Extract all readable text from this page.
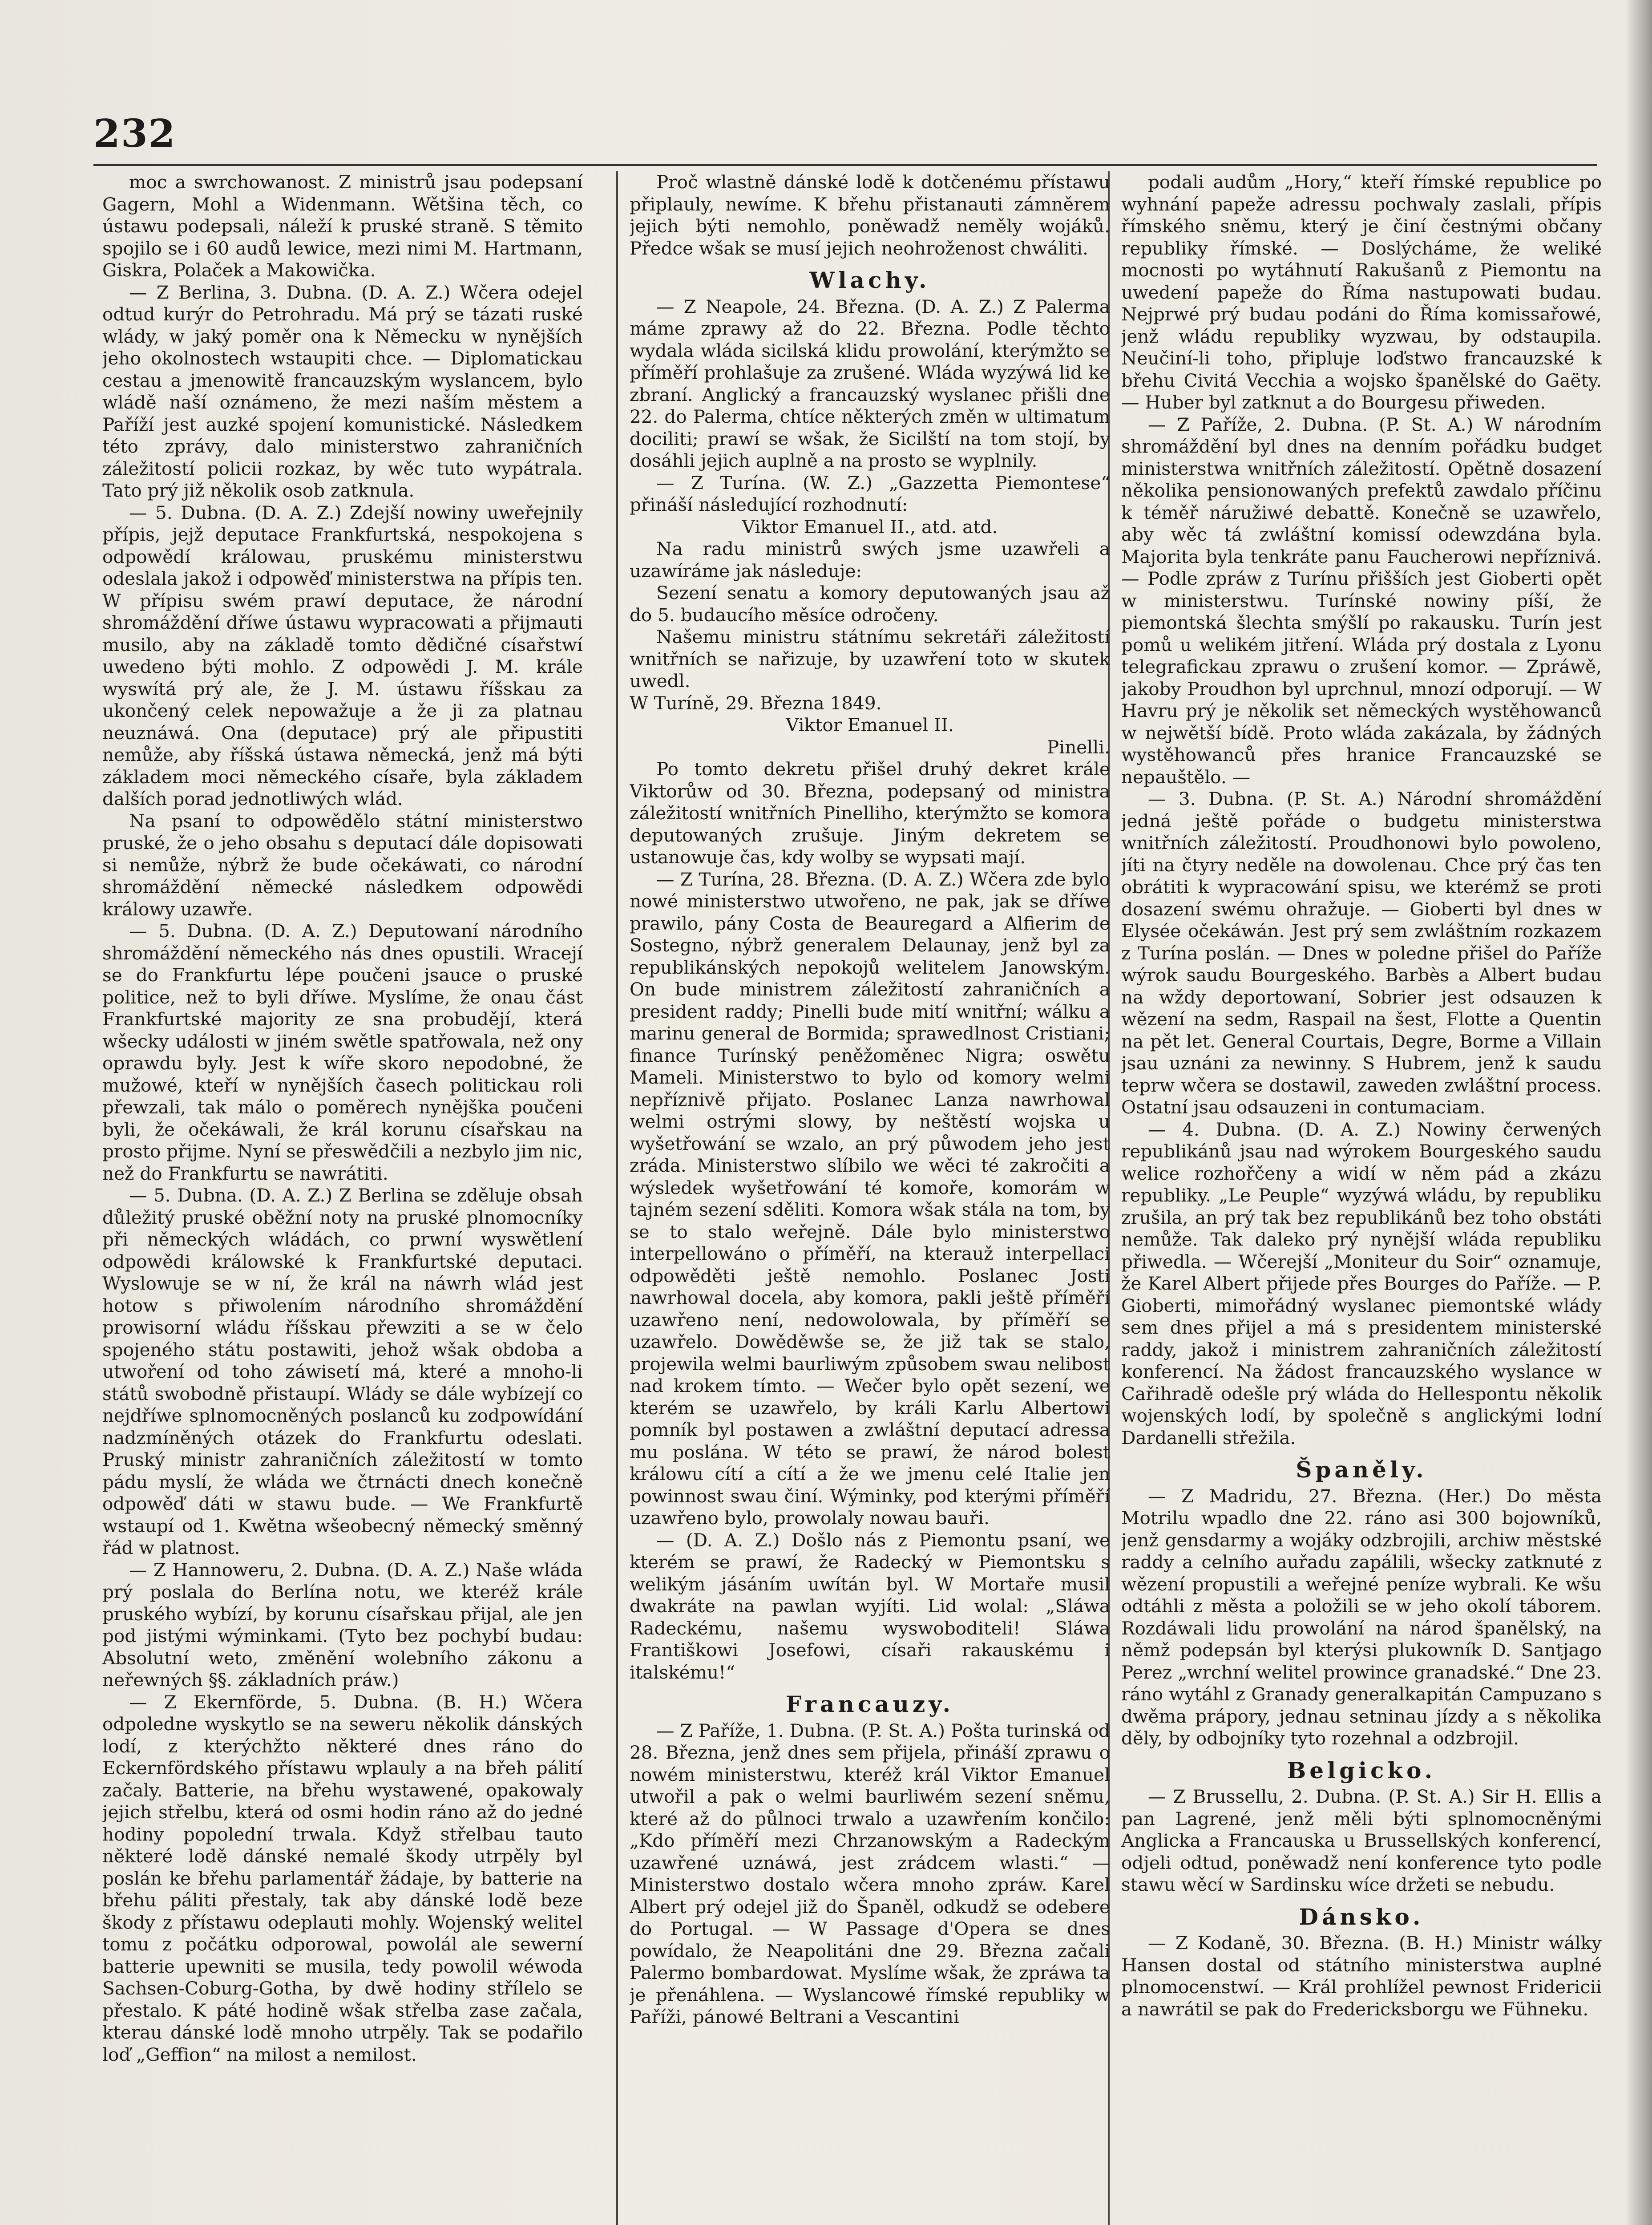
232

moc a swrchowanost. Z ministrů jsau podepsaní Gagern, Mohl a Widenmann. Wětšina těch, co ústawu podepsali, náleží k pruské straně. S těmito spojilo se i 60 audů lewice, mezi nimi M. Hartmann, Giskra, Polaček a Makowička.

— Z Berlina, 3. Dubna. (D. A. Z.) Wčera odejel odtud kurýr do Petrohradu. Má prý se tázati ruské wlády, w jaký poměr ona k Německu w nynějších jeho okolnostech wstaupiti chce. — Diplomatickau cestau a jmenowitě francauzským wyslancem, bylo wládě naší oznámeno, že mezi naším městem a Paříží jest auzké spojení komunistické. Následkem této zprávy, dalo ministerstwo zahraničních záležitostí policii rozkaz, by wěc tuto wypátrala. Tato prý již několik osob zatknula.

— 5. Dubna. (D. A. Z.) Zdejší nowiny uweřejnily přípis, jejž deputace Frankfurtská, nespokojena s odpowědí králowau, pruskému ministerstwu odeslala jakož i odpowěď ministerstwa na přípis ten. W přípisu swém prawí deputace, že národní shromáždění dříwe ústawu wypracowati a přijmauti musilo, aby na základě tomto dědičné císařstwí uwedeno býti mohlo. Z odpowědi J. M. krále wyswítá prý ale, že J. M. ústawu říšskau za ukončený celek nepowažuje a že ji za platnau neuznáwá. Ona (deputace) prý ale připustiti nemůže, aby říšská ústawa německá, jenž má býti základem moci německého císaře, byla základem dalších porad jednotliwých wlád.

Na psaní to odpowědělo státní ministerstwo pruské, že o jeho obsahu s deputací dále dopisowati si nemůže, nýbrž že bude očekáwati, co národní shromáždění německé následkem odpowědi králowy uzawře.

— 5. Dubna. (D. A. Z.) Deputowaní národního shromáždění německého nás dnes opustili. Wracejí se do Frankfurtu lépe poučeni jsauce o pruské politice, než to byli dříwe. Myslíme, že onau část Frankfurtské majority ze sna probudějí, která wšecky události w jiném swětle spatřowala, než ony oprawdu byly. Jest k wíře skoro nepodobné, že mužowé, kteří w nynějších časech politickau roli přewzali, tak málo o poměrech nynějška poučeni byli, že očekáwali, že král korunu císařskau na prosto přijme. Nyní se přeswědčili a nezbylo jim nic, než do Frankfurtu se nawrátiti.

— 5. Dubna. (D. A. Z.) Z Berlina se zděluje obsah důležitý pruské oběžní noty na pruské plnomocníky při německých wládách, co prwní wyswětlení odpowědi králowské k Frankfurtské deputaci. Wyslowuje se w ní, že král na náwrh wlád jest hotow s přiwolením národního shromáždění prowisorní wládu říšskau přewziti a se w čelo spojeného státu postawiti, jehož wšak obdoba a utwoření od toho záwisetí má, které a mnoho-li států swobodně přistaupí. Wlády se dále wybízejí co nejdříwe splnomocněných poslanců ku zodpowídání nadzmíněných otázek do Frankfurtu odeslati. Pruský ministr zahraničních záležitostí w tomto pádu myslí, že wláda we čtrnácti dnech konečně odpowěď dáti w stawu bude. — We Frankfurtě wstaupí od 1. Kwětna wšeobecný německý směnný řád w platnost.

— Z Hannoweru, 2. Dubna. (D. A. Z.) Naše wláda prý poslala do Berlína notu, we kteréž krále pruského wybízí, by korunu císařskau přijal, ale jen pod jistými wýminkami. (Tyto bez pochybí budau: Absolutní weto, změnění wolebního zákonu a neřewných §§. základních práw.)

— Z Ekernförde, 5. Dubna. (B. H.) Wčera odpoledne wyskytlo se na seweru několik dánských lodí, z kterýchžto některé dnes ráno do Eckernfördského přístawu wplauly a na břeh pálití začaly. Batterie, na břehu wystawené, opakowaly jejich střelbu, která od osmi hodin ráno až do jedné hodiny popolední trwala. Když střelbau tauto některé lodě dánské nemalé škody utrpěly byl poslán ke břehu parlamentář žádaje, by batterie na břehu páliti přestaly, tak aby dánské lodě beze škody z přístawu odeplauti mohly. Wojenský welitel tomu z počátku odporowal, powolál ale sewerní batterie upewniti se musila, tedy powolil wéwoda Sachsen-Coburg-Gotha, by dwě hodiny střílelo se přestalo. K páté hodině wšak střelba zase začala, kterau dánské lodě mnoho utrpěly. Tak se podařilo loď „Geffion“ na milost a nemilost.

Proč wlastně dánské lodě k dotčenému přístawu připlauly, newíme. K břehu přistanauti zámněrem jejich býti nemohlo, poněwadž neměly wojáků. Předce wšak se musí jejich neohroženost chwáliti.

Wlachy.

— Z Neapole, 24. Března. (D. A. Z.) Z Palerma máme zprawy až do 22. Března. Podle těchto wydala wláda sicilská klidu prowolání, kterýmžto se příměří prohlašuje za zrušené. Wláda wyzýwá lid ke zbraní. Anglický a francauzský wyslanec přišli dne 22. do Palerma, chtíce některých změn w ultimatum dociliti; prawí se wšak, že Sicilští na tom stojí, by dosáhli jejich auplně a na prosto se wyplnily.

— Z Turína. (W. Z.) „Gazzetta Piemontese“ přináší následující rozhodnutí:

Viktor Emanuel II., atd. atd.

Na radu ministrů swých jsme uzawřeli a uzawíráme jak následuje:

Sezení senatu a komory deputowaných jsau až do 5. budaucího měsíce odročeny.

Našemu ministru státnímu sekretáři záležitostí wnitřních se nařizuje, by uzawření toto w skutek uwedl.

W Turíně, 29. Března 1849.

Viktor Emanuel II.

Pinelli.

Po tomto dekretu přišel druhý dekret krále Viktorůw od 30. Března, podepsaný od ministra záležitostí wnitřních Pinelliho, kterýmžto se komora deputowaných zrušuje. Jiným dekretem se ustanowuje čas, kdy wolby se wypsati mají.

— Z Turína, 28. Března. (D. A. Z.) Wčera zde bylo nowé ministerstwo utwořeno, ne pak, jak se dříwe prawilo, pány Costa de Beauregard a Alfierim de Sostegno, nýbrž generalem Delaunay, jenž byl za republikánských nepokojů welitelem Janowským. On bude ministrem záležitostí zahraničních a president raddy; Pinelli bude mití wnitřní; wálku a marinu general de Bormida; sprawedlnost Cristiani; finance Turínský peněžoměnec Nigra; oswětu Mameli. Ministerstwo to bylo od komory welmi nepříznivě přijato. Poslanec Lanza nawrhowal welmi ostrými slowy, by neštěstí wojska u wyšetřowání se wzalo, an prý půwodem jeho jest zráda. Ministerstwo slíbilo we wěci té zakročiti a wýsledek wyšetřowání té komoře, komorám w tajném sezení sděliti. Komora wšak stála na tom, by se to stalo weřejně. Dále bylo ministerstwo interpellowáno o příměří, na kterauž interpellaci odpowěděti ještě nemohlo. Poslanec Josti nawrhowal docela, aby komora, pakli ještě příměří uzawřeno není, nedowolowala, by příměří se uzawřelo. Dowěděwše se, že již tak se stalo, projewila welmi baurliwým způsobem swau nelibost nad krokem tímto. — Wečer bylo opět sezení, we kterém se uzawřelo, by králi Karlu Albertowi pomník byl postawen a zwláštní deputací adressa mu poslána. W této se prawí, že národ bolest králowu cítí a cítí a že we jmenu celé Italie jen powinnost swau činí. Wýminky, pod kterými příměří uzawřeno bylo, prowolaly nowau bauři.

— (D. A. Z.) Došlo nás z Piemontu psaní, we kterém se prawí, že Radecký w Piemontsku s welikým jásáním uwítán byl. W Mortaře musil dwakráte na pawlan wyjíti. Lid wolal: „Sláwa Radeckému, našemu wyswoboditeli! Sláwa Františkowi Josefowi, císaři rakauskému i italskému!“

Francauzy.

— Z Paříže, 1. Dubna. (P. St. A.) Pošta turinská od 28. Března, jenž dnes sem přijela, přináší zprawu o nowém ministerstwu, kteréž král Viktor Emanuel utwořil a pak o welmi baurliwém sezení sněmu, které až do půlnoci trwalo a uzawřením končilo: „Kdo příměří mezi Chrzanowským a Radeckým uzawřené uznáwá, jest zrádcem wlasti.“ — Ministerstwo dostalo wčera mnoho zpráw. Karel Albert prý odejel již do Španěl, odkudž se odebere do Portugal. — W Passage d'Opera se dnes powídalo, že Neapolitáni dne 29. Března začali Palermo bombardowat. Myslíme wšak, že zpráwa ta je přenáhlena. — Wyslancowé římské republiky w Paříži, pánowé Beltrani a Vescantini

podali audům „Hory,“ kteří římské republice po wyhnání papeže adressu pochwaly zaslali, přípis římského sněmu, který je činí čestnými občany republiky římské. — Doslýcháme, že weliké mocnosti po wytáhnutí Rakušanů z Piemontu na uwedení papeže do Říma nastupowati budau. Nejprwé prý budau podáni do Říma komissařowé, jenž wládu republiky wyzwau, by odstaupila. Neučiní-li toho, připluje loďstwo francauzské k břehu Civitá Vecchia a wojsko španělské do Gaëty. — Huber byl zatknut a do Bourgesu přiweden.

— Z Paříže, 2. Dubna. (P. St. A.) W národním shromáždění byl dnes na denním pořádku budget ministerstwa wnitřních záležitostí. Opětně dosazení několika pensionowaných prefektů zawdalo příčinu k téměř náružiwé debattě. Konečně se uzawřelo, aby wěc tá zwláštní komissí odewzdána byla. Majorita byla tenkráte panu Faucherowi nepříznivá. — Podle zpráw z Turínu přišších jest Gioberti opět w ministerstwu. Turínské nowiny píší, že piemontská šlechta smýšlí po rakausku. Turín jest pomů u welikém jitření. Wláda prý dostala z Lyonu telegrafickau zprawu o zrušení komor. — Zpráwě, jakoby Proudhon byl uprchnul, mnozí odporují. — W Havru prý je několik set německých wystěhowanců w nejwětší bídě. Proto wláda zakázala, by žádných wystěhowanců přes hranice Francauzské se nepauštělo. —

— 3. Dubna. (P. St. A.) Národní shromáždění jedná ještě pořáde o budgetu ministerstwa wnitřních záležitostí. Proudhonowi bylo powoleno, jíti na čtyry neděle na dowolenau. Chce prý čas ten obrátiti k wypracowání spisu, we kterémž se proti dosazení swému ohražuje. — Gioberti byl dnes w Elysée očekáwán. Jest prý sem zwláštním rozkazem z Turína poslán. — Dnes w poledne přišel do Paříže wýrok saudu Bourgeského. Barbès a Albert budau na wždy deportowaní, Sobrier jest odsauzen k wězení na sedm, Raspail na šest, Flotte a Quentin na pět let. General Courtais, Degre, Borme a Villain jsau uznáni za newinny. S Hubrem, jenž k saudu teprw wčera se dostawil, zaweden zwláštní process. Ostatní jsau odsauzeni in contumaciam.

— 4. Dubna. (D. A. Z.) Nowiny čerwených republikánů jsau nad wýrokem Bourgeského saudu welice rozhořčeny a widí w něm pád a zkázu republiky. „Le Peuple“ wyzýwá wládu, by republiku zrušila, an prý tak bez republikánů bez toho obstáti nemůže. Tak daleko prý nynější wláda republiku přiwedla. — Wčerejší „Moniteur du Soir“ oznamuje, že Karel Albert přijede přes Bourges do Paříže. — P. Gioberti, mimořádný wyslanec piemontské wlády sem dnes přijel a má s presidentem ministerské raddy, jakož i ministrem zahraničních záležitostí konferencí. Na žádost francauzského wyslance w Cařihradě odešle prý wláda do Hellespontu několik wojenských lodí, by společně s anglickými lodní Dardanelli střežila.

Španěly.

— Z Madridu, 27. Března. (Her.) Do města Motrilu wpadlo dne 22. ráno asi 300 bojowníků, jenž gensdarmy a wojáky odzbrojili, archiw městské raddy a celního auřadu zapálili, wšecky zatknuté z wězení propustili a weřejné peníze wybrali. Ke wšu odtáhli z města a položili se w jeho okolí táborem. Rozdáwali lidu prowolání na národ španělský, na němž podepsán byl kterýsi plukowník D. Santjago Perez „wrchní welitel prowince granadské.“ Dne 23. ráno wytáhl z Granady generalkapitán Campuzano s dwěma prápory, jednau setninau jízdy a s několika děly, by odbojníky tyto rozehnal a odzbrojil.

Belgicko.

— Z Brussellu, 2. Dubna. (P. St. A.) Sir H. Ellis a pan Lagrené, jenž měli býti splnomocněnými Anglicka a Francauska u Brussellských konferencí, odjeli odtud, poněwadž není konference tyto podle stawu wěcí w Sardinsku wíce držeti se nebudu.

Dánsko.

— Z Kodaně, 30. Března. (B. H.) Ministr wálky Hansen dostal od státního ministerstwa auplné plnomocenstwí. — Král prohlížel pewnost Fridericii a nawrátil se pak do Fredericksborgu we Fühneku.
